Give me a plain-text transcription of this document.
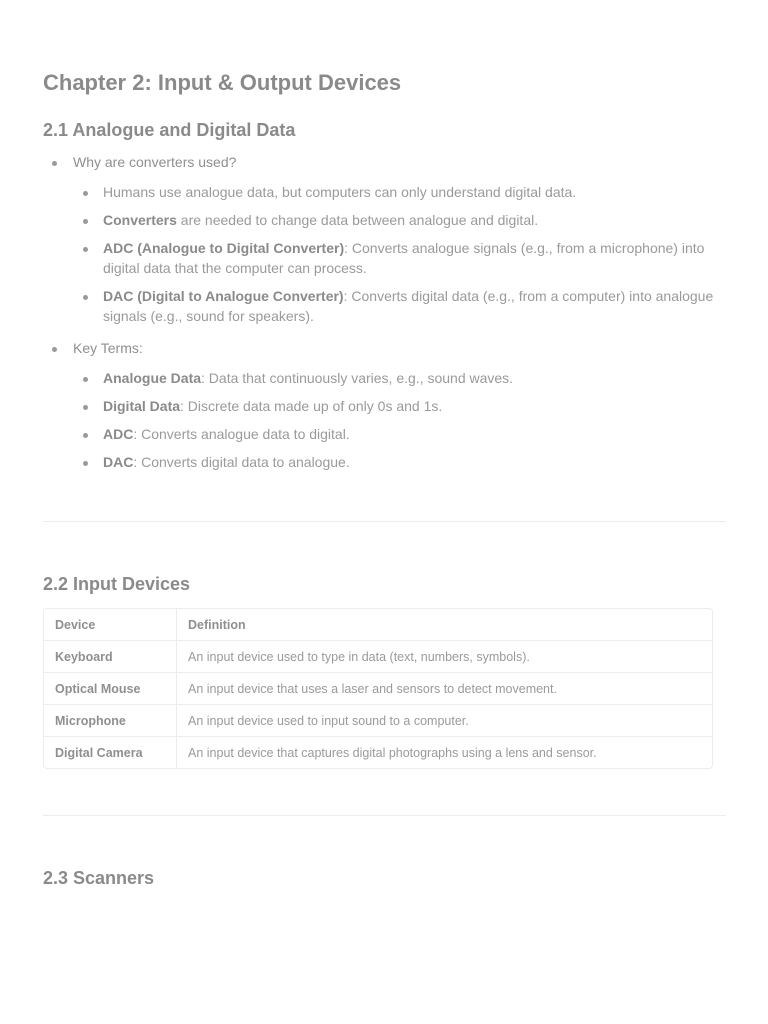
Chapter 2: Input & Output Devices
2.1 Analogue and Digital Data
Why are converters used?
Humans use analogue data, but computers can only understand digital data.
Converters are needed to change data between analogue and digital.
ADC (Analogue to Digital Converter): Converts analogue signals (e.g., from a microphone) into digital data that the computer can process.
DAC (Digital to Analogue Converter): Converts digital data (e.g., from a computer) into analogue signals (e.g., sound for speakers).
Key Terms:
Analogue Data: Data that continuously varies, e.g., sound waves.
Digital Data: Discrete data made up of only 0s and 1s.
ADC: Converts analogue data to digital.
DAC: Converts digital data to analogue.
2.2 Input Devices
Device	Definition
Keyboard	An input device used to type in data (text, numbers, symbols).
Optical Mouse	An input device that uses a laser and sensors to detect movement.
Microphone	An input device used to input sound to a computer.
Digital Camera	An input device that captures digital photographs using a lens and sensor.
2.3 Scanners
